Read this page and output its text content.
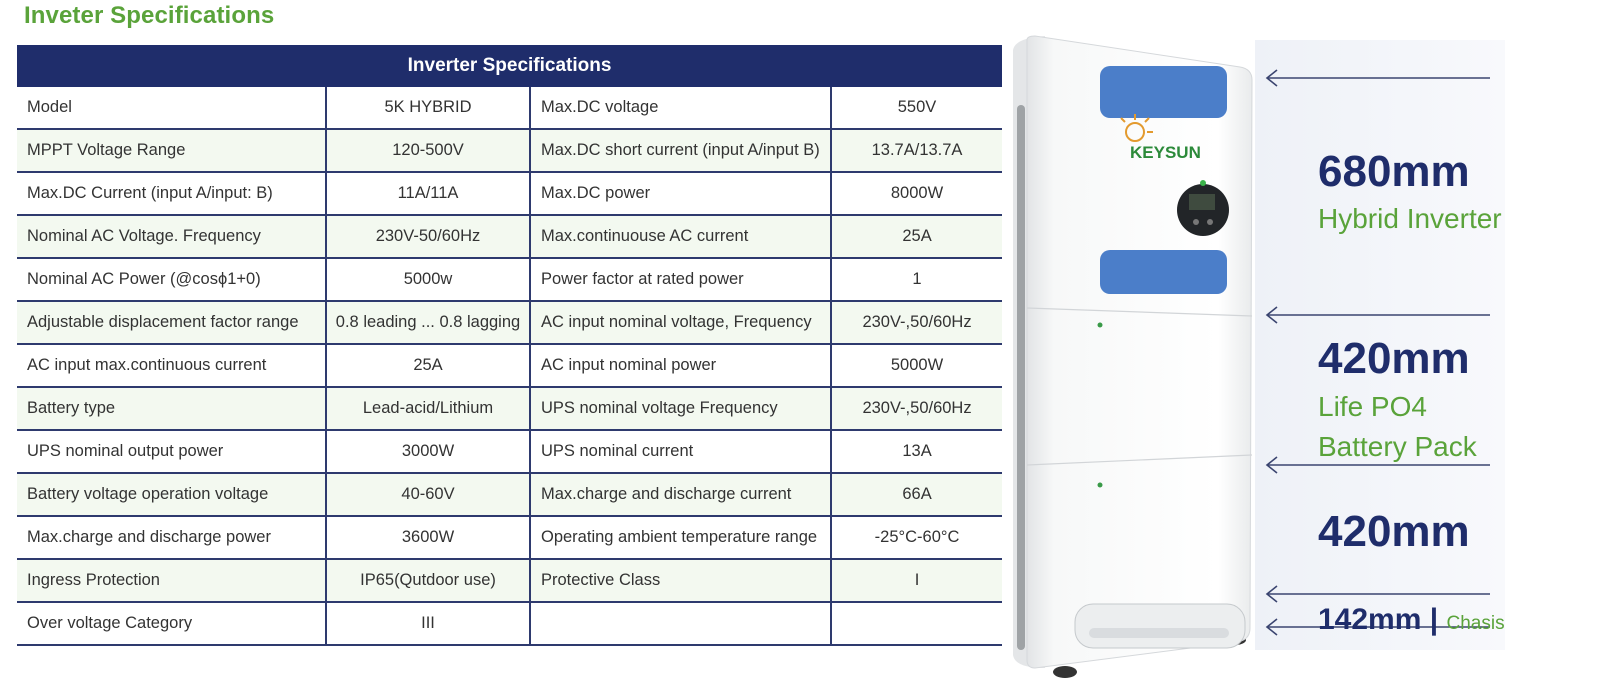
Inveter Specifications
Inverter Specifications			
Model	5K HYBRID	Max.DC voltage	550V
MPPT Voltage Range	120-500V	Max.DC short current (input A/input B)	13.7A/13.7A
Max.DC Current (input A/input: B)	11A/11A	Max.DC power	8000W
Nominal AC Voltage. Frequency	230V-50/60Hz	Max.continuouse AC current	25A
Nominal AC Power (@cosϕ1+0)	5000w	Power factor at rated power	1
Adjustable displacement factor range	0.8 leading ... 0.8 lagging	AC input nominal voltage, Frequency	230V-,50/60Hz
AC input max.continuous current	25A	AC input nominal power	5000W
Battery type	Lead-acid/Lithium	UPS nominal voltage Frequency	230V-,50/60Hz
UPS nominal output power	3000W	UPS nominal current	13A
Battery voltage operation voltage	40-60V	Max.charge and discharge current	66A
Max.charge and discharge power	3600W	Operating ambient temperature range	-25°C-60°C
Ingress Protection	IP65(Qutdoor use)	Protective Class	I
Over voltage Category	III		
KEYSUN	680mm
Hybrid Inverter
420mm
Life PO4
Battery Pack
420mm
142mm | Chasis
